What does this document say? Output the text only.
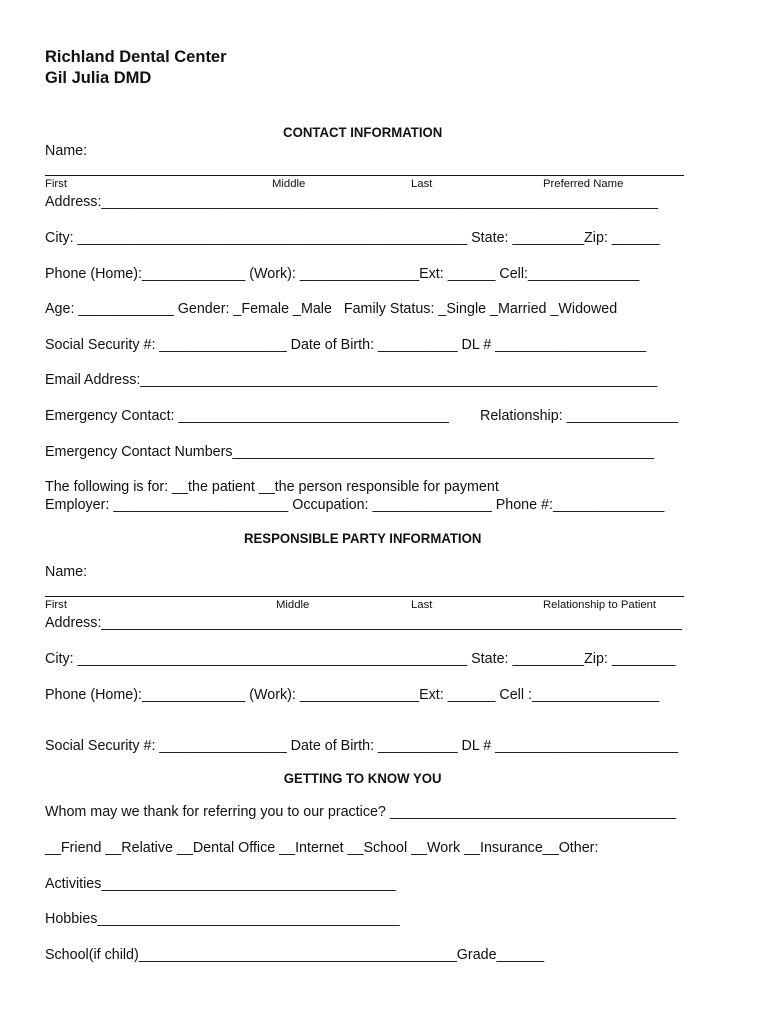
Richland Dental Center
Gil Julia DMD
CONTACT INFORMATION
Name:
First	Middle	Last	Preferred Name
Address:______________________________________________________________________
City: _________________________________________________ State: _________Zip: ______
Phone (Home):_____________ (Work): _______________Ext: ______ Cell:______________
Age: ____________ Gender: _Female _Male   Family Status: _Single _Married _Widowed
Social Security #: ________________ Date of Birth: __________ DL # ___________________
Email Address:_________________________________________________________________
Emergency Contact: __________________________________ Relationship: ______________
Emergency Contact Numbers_____________________________________________________
The following is for: __the patient __the person responsible for payment
Employer: ______________________ Occupation: _______________ Phone #:______________
RESPONSIBLE PARTY INFORMATION
Name:
First	Middle	Last	Relationship to Patient
Address:_________________________________________________________________________
City: _________________________________________________ State: _________Zip: ________
Phone (Home):_____________ (Work): _______________Ext: ______ Cell :________________
Social Security #: ________________ Date of Birth: __________ DL # _______________________
GETTING TO KNOW YOU
Whom may we thank for referring you to our practice? ____________________________________
__Friend __Relative __Dental Office __Internet __School __Work __Insurance__Other:
Activities_____________________________________
Hobbies______________________________________
School(if child)________________________________________Grade______
